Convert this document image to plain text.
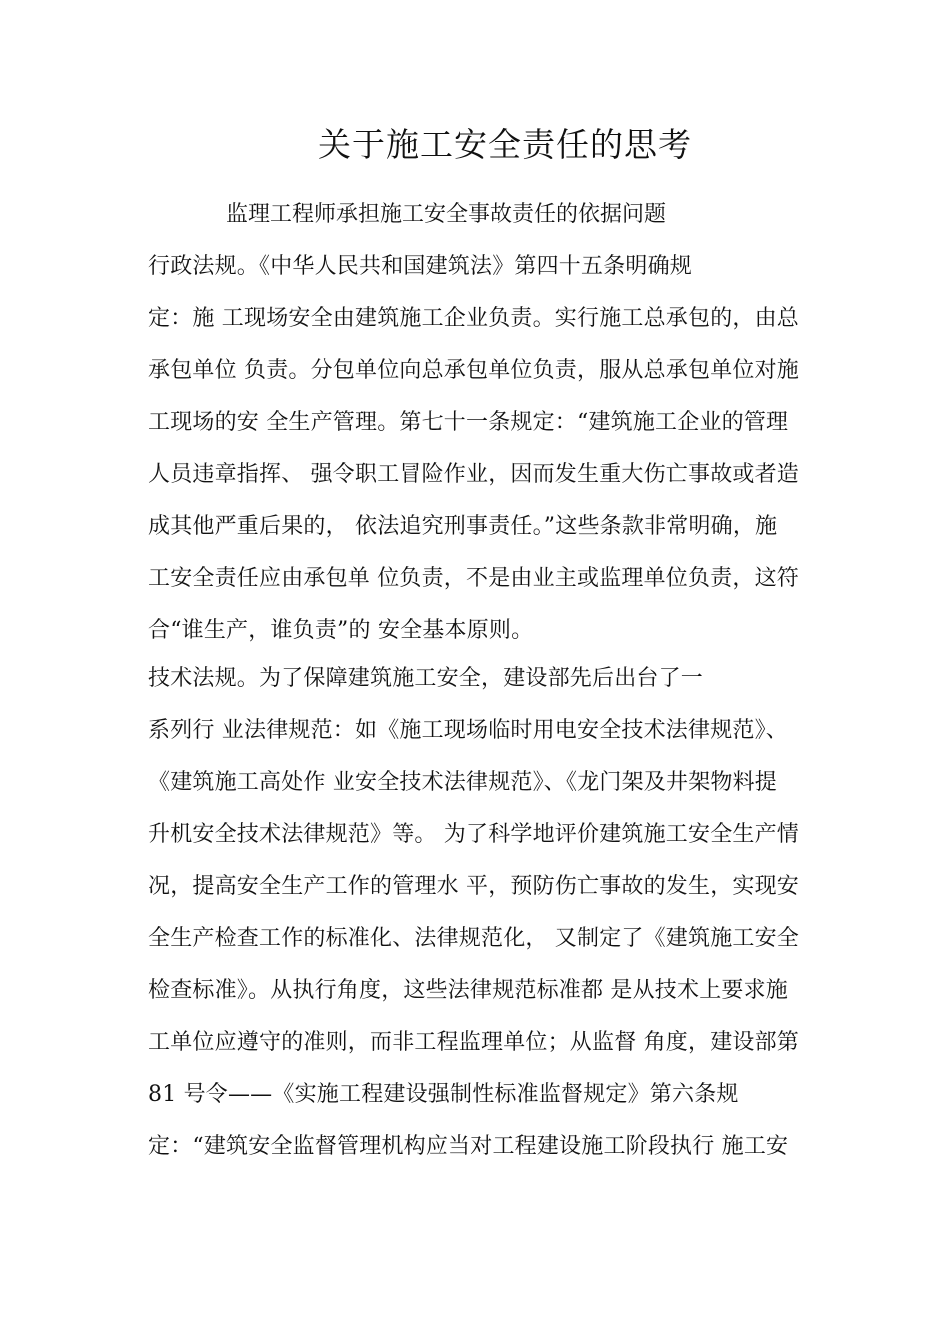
关于施工安全责任的思考
监理工程师承担施工安全事故责任的依据问题
行政法规。《中华人民共和国建筑法》第四十五条明确规
定：施 工现场安全由建筑施工企业负责。实行施工总承包的，由总
承包单位 负责。分包单位向总承包单位负责，服从总承包单位对施
工现场的安 全生产管理。第七十一条规定：“建筑施工企业的管理
人员违章指挥、 强令职工冒险作业，因而发生重大伤亡事故或者造
成其他严重后果的， 依法追究刑事责任。”这些条款非常明确，施
工安全责任应由承包单 位负责，不是由业主或监理单位负责，这符
合“谁生产，谁负责”的 安全基本原则。
技术法规。为了保障建筑施工安全，建设部先后出台了一
系列行 业法律规范：如《施工现场临时用电安全技术法律规范》、
《建筑施工高处作 业安全技术法律规范》、《龙门架及井架物料提
升机安全技术法律规范》等。 为了科学地评价建筑施工安全生产情
况，提高安全生产工作的管理水 平，预防伤亡事故的发生，实现安
全生产检查工作的标准化、法律规范化， 又制定了《建筑施工安全
检查标准》。从执行角度，这些法律规范标准都 是从技术上要求施
工单位应遵守的准则，而非工程监理单位；从监督 角度，建设部第
81 号令——《实施工程建设强制性标准监督规定》第六条规
定：“建筑安全监督管理机构应当对工程建设施工阶段执行 施工安
